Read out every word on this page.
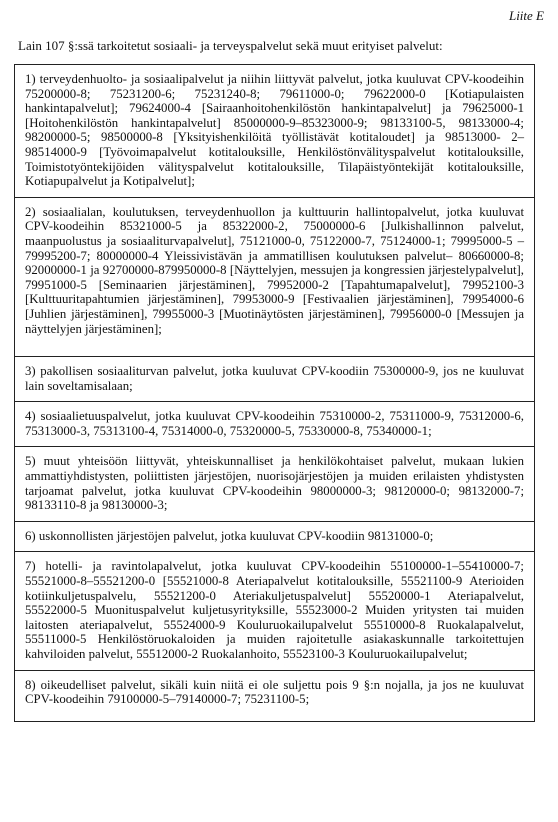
Liite E
Lain 107 §:ssä tarkoitetut sosiaali- ja terveyspalvelut sekä muut erityiset palvelut:
1) terveydenhuolto- ja sosiaalipalvelut ja niihin liittyvät palvelut, jotka kuuluvat CPV-koodeihin 75200000-8; 75231200-6; 75231240-8; 79611000-0; 79622000-0 [Kotiapulaisten hankintapalvelut]; 79624000-4 [Sairaanhoitohenkilöstön hankintapalvelut] ja 79625000-1 [Hoitohenkilöstön hankintapalvelut] 85000000-9–85323000-9; 98133100-5, 98133000-4; 98200000-5; 98500000-8 [Yksityishenkilöitä työllistävät kotitaloudet] ja 98513000- 2–98514000-9 [Työvoimapalvelut kotitalouksille, Henkilöstönvälityspalvelut kotitalouksille, Toimistotyöntekijöiden välityspalvelut kotitalouksille, Tilapäistyöntekijät kotitalouksille, Kotiapupalvelut ja Kotipalvelut];
2) sosiaalialan, koulutuksen, terveydenhuollon ja kulttuurin hallintopalvelut, jotka kuuluvat CPV-koodeihin 85321000-5 ja 85322000-2, 75000000-6 [Julkishallinnon palvelut, maanpuolustus ja sosiaaliturvapalvelut], 75121000-0, 75122000-7, 75124000-1; 79995000-5 –79995200-7; 80000000-4 Yleissivistävän ja ammatillisen koulutuksen palvelut– 80660000-8; 92000000-1 ja 92700000-879950000-8 [Näyttelyjen, messujen ja kongressien järjestelypalvelut], 79951000-5 [Seminaarien järjestäminen], 79952000-2 [Tapahtumapalvelut], 79952100-3 [Kulttuuritapahtumien järjestäminen], 79953000-9 [Festivaalien järjestäminen], 79954000-6 [Juhlien järjestäminen], 79955000-3 [Muotinäytösten järjestäminen], 79956000-0 [Messujen ja näyttelyjen järjestäminen];
3) pakollisen sosiaaliturvan palvelut, jotka kuuluvat CPV-koodiin 75300000-9, jos ne kuuluvat lain soveltamisalaan;
4) sosiaalietuuspalvelut, jotka kuuluvat CPV-koodeihin 75310000-2, 75311000-9, 75312000-6, 75313000-3, 75313100-4, 75314000-0, 75320000-5, 75330000-8, 75340000-1;
5) muut yhteisöön liittyvät, yhteiskunnalliset ja henkilökohtaiset palvelut, mukaan lukien ammattiyhdistysten, poliittisten järjestöjen, nuorisojärjestöjen ja muiden erilaisten yhdistysten tarjoamat palvelut, jotka kuuluvat CPV-koodeihin 98000000-3; 98120000-0; 98132000-7; 98133110-8 ja 98130000-3;
6) uskonnollisten järjestöjen palvelut, jotka kuuluvat CPV-koodiin 98131000-0;
7) hotelli- ja ravintolapalvelut, jotka kuuluvat CPV-koodeihin 55100000-1–55410000-7; 55521000-8–55521200-0 [55521000-8 Ateriapalvelut kotitalouksille, 55521100-9 Aterioiden kotiinkuljetuspalvelu, 55521200-0 Ateriakuljetuspalvelut] 55520000-1 Ateriapalvelut, 55522000-5 Muonituspalvelut kuljetusyrityksille, 55523000-2 Muiden yritysten tai muiden laitosten ateriapalvelut, 55524000-9 Kouluruokailupalvelut 55510000-8 Ruokalapalvelut, 55511000-5 Henkilöstöruokaloiden ja muiden rajoitetulle asiakaskunnalle tarkoitettujen kahviloiden palvelut, 55512000-2 Ruokalanhoito, 55523100-3 Kouluruokailupalvelut;
8) oikeudelliset palvelut, sikäli kuin niitä ei ole suljettu pois 9 §:n nojalla, ja jos ne kuuluvat CPV-koodeihin 79100000-5–79140000-7; 75231100-5;
